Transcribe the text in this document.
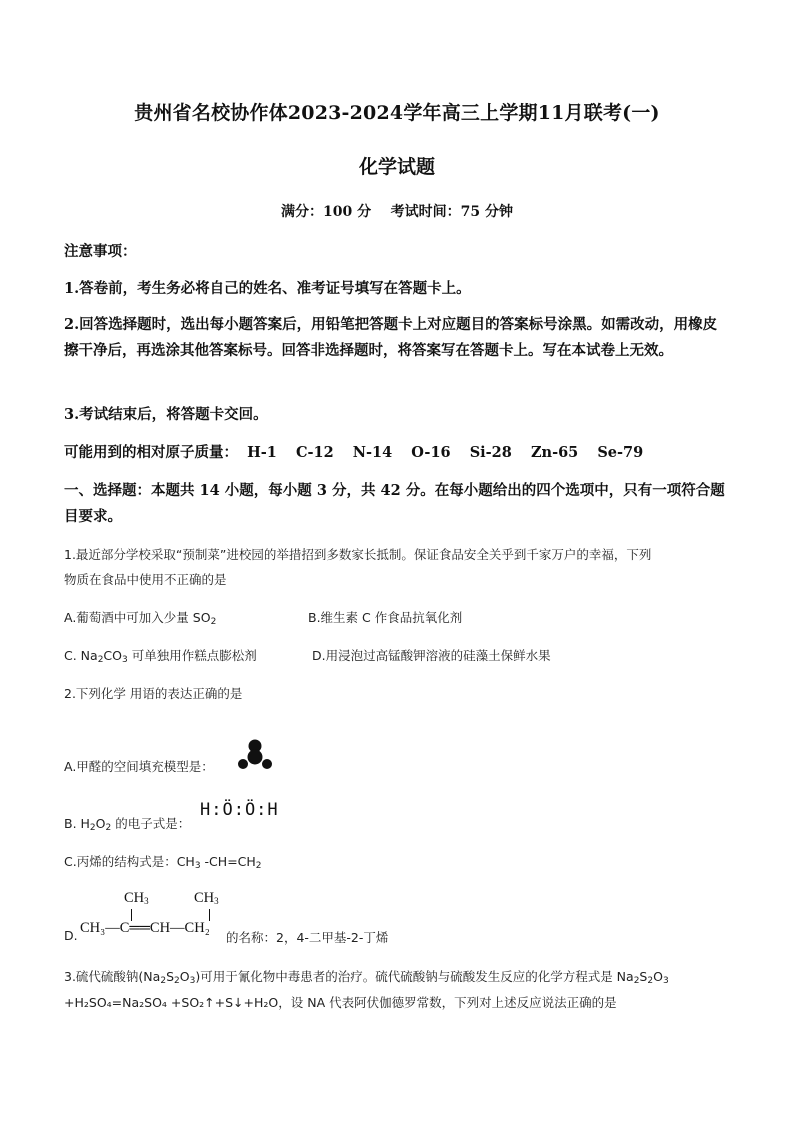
贵州省名校协作体2023-2024学年高三上学期11月联考(一)
化学试题
满分：100 分    考试时间：75 分钟
注意事项：
1.答卷前，考生务必将自己的姓名、准考证号填写在答题卡上。
2.回答选择题时，选出每小题答案后，用铅笔把答题卡上对应题目的答案标号涂黑。如需改动，用橡皮擦干净后，再选涂其他答案标号。回答非选择题时，将答案写在答题卡上。写在本试卷上无效。
3.考试结束后，将答题卡交回。
可能用到的相对原子质量： H-1 C-12 N-14 O-16 Si-28 Zn-65 Se-79
一、选择题：本题共 14 小题，每小题 3 分，共 42 分。在每小题给出的四个选项中，只有一项符合题目要求。
1.最近部分学校采取“预制菜”进校园的举措招到多数家长抵制。保证食品安全关乎到千家万户的幸福，下列
物质在食品中使用不正确的是
A.葡萄酒中可加入少量 $SO_2$	B.维生素 C 作食品抗氧化剂
C. $Na_2CO_3$ 可单独用作糕点膨松剂	D.用浸泡过高锰酸钾溶液的硅藻土保鲜水果
2.下列化学 用语的表达正确的是
A.甲醛的空间填充模型是：
B. $H_2O_2$ 的电子式是：
H:Ö:Ö:H
C.丙烯的结构式是：$CH_3$ $-CH=CH_2$
D.
$CH_3$	$CH_3$
CH₃—C══CH—CH₂
的名称：2，4-二甲基-2-丁烯
3.硫代硫酸钠$(Na_2S_2O_3)$可用于氰化物中毒患者的治疗。硫代硫酸钠与硫酸发生反应的化学方程式是 $Na_2S_2O_3$
+H₂SO₄=Na₂SO₄ +SO₂↑+S↓+H₂O，设 NA 代表阿伏伽德罗常数，下列对上述反应说法正确的是
